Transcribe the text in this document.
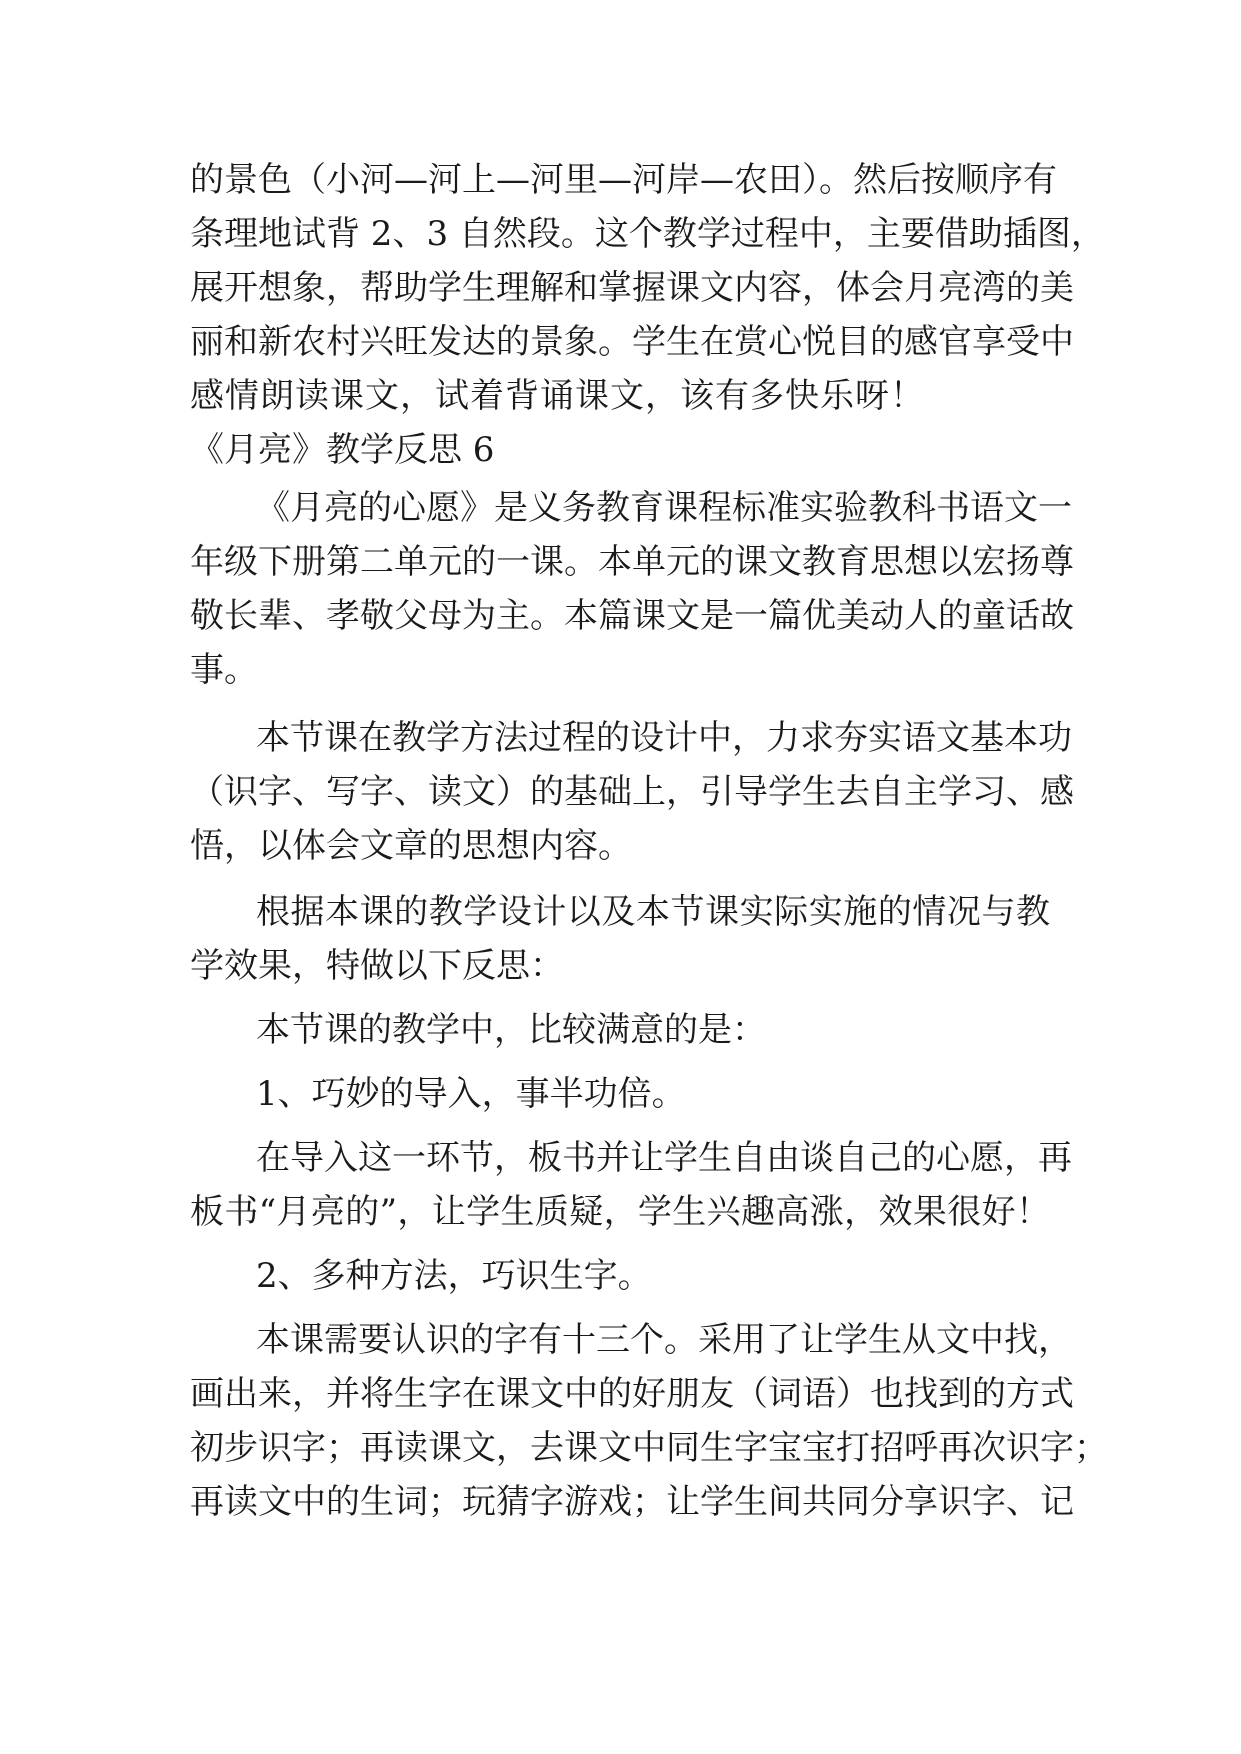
的景色（小河—河上—河里—河岸—农田）。然后按顺序有
条理地试背 2、3 自然段。这个教学过程中，主要借助插图，
展开想象，帮助学生理解和掌握课文内容，体会月亮湾的美
丽和新农村兴旺发达的景象。学生在赏心悦目的感官享受中
感情朗读课文，试着背诵课文，该有多快乐呀！
《月亮》教学反思 6
《月亮的心愿》是义务教育课程标准实验教科书语文一
年级下册第二单元的一课。本单元的课文教育思想以宏扬尊
敬长辈、孝敬父母为主。本篇课文是一篇优美动人的童话故
事。
本节课在教学方法过程的设计中，力求夯实语文基本功
（识字、写字、读文）的基础上，引导学生去自主学习、感
悟，以体会文章的思想内容。
根据本课的教学设计以及本节课实际实施的情况与教
学效果，特做以下反思：
本节课的教学中，比较满意的是：
1、巧妙的导入，事半功倍。
在导入这一环节，板书并让学生自由谈自己的心愿，再
板书“月亮的”，让学生质疑，学生兴趣高涨，效果很好！
2、多种方法，巧识生字。
本课需要认识的字有十三个。采用了让学生从文中找，
画出来，并将生字在课文中的好朋友（词语）也找到的方式
初步识字；再读课文，去课文中同生字宝宝打招呼再次识字；
再读文中的生词；玩猜字游戏；让学生间共同分享识字、记
